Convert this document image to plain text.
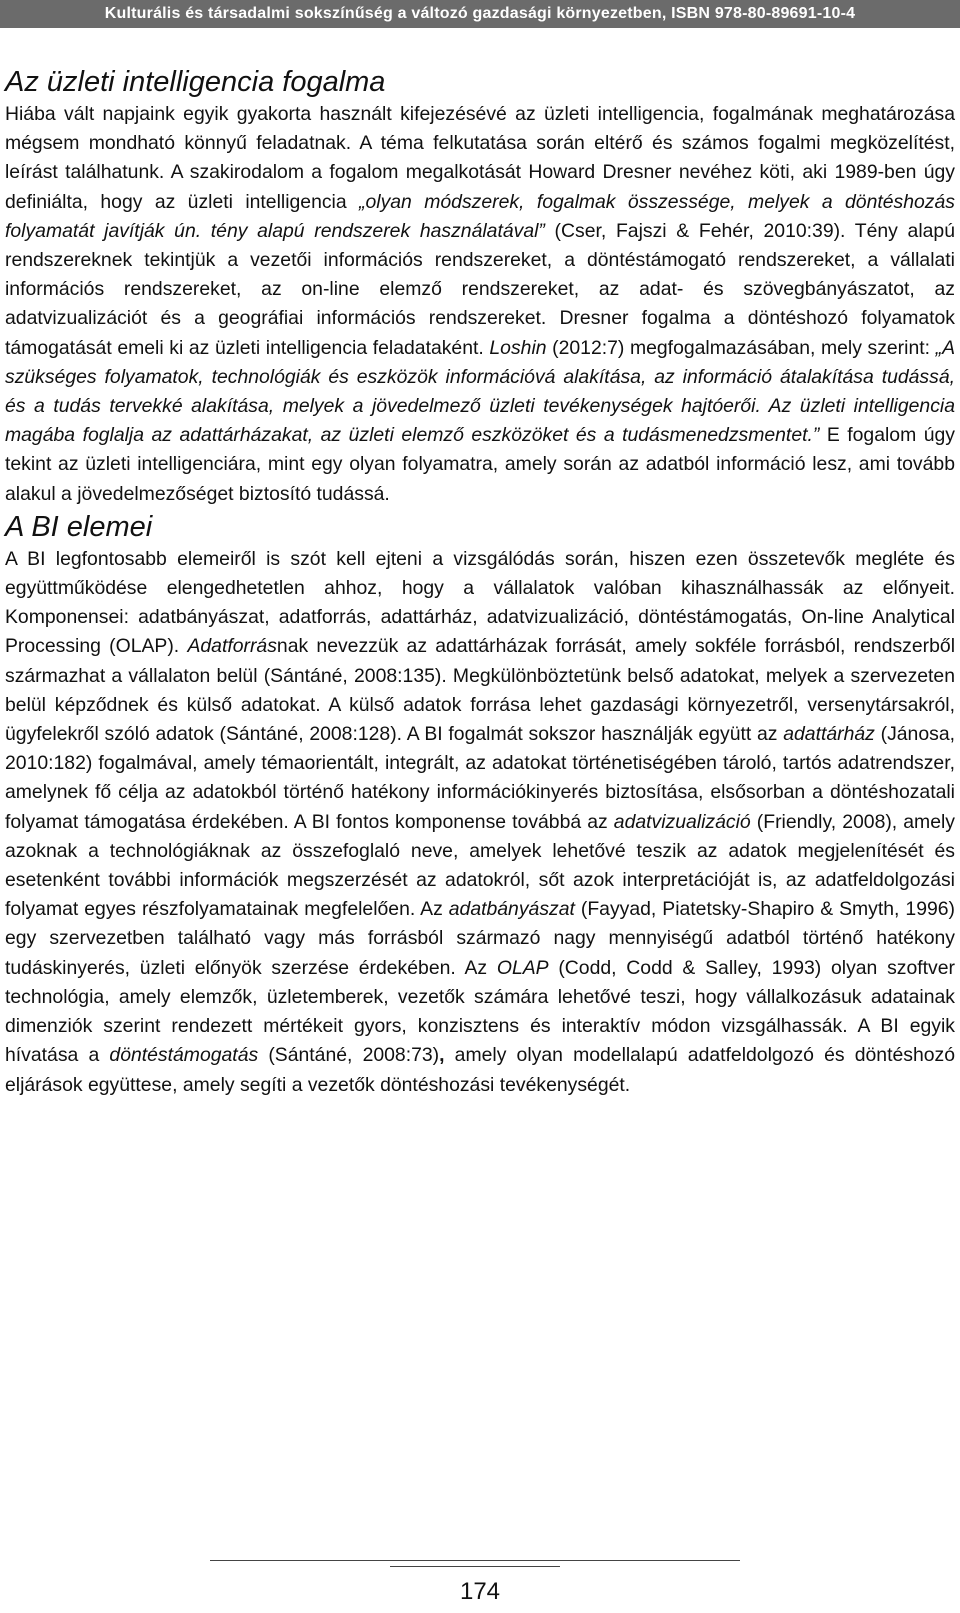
Kulturális és társadalmi sokszínűség a változó gazdasági környezetben, ISBN 978-80-89691-10-4
Az üzleti intelligencia fogalma

Hiába vált napjaink egyik gyakorta használt kifejezésévé az üzleti intelligencia, fogalmának meghatározása mégsem mondható könnyű feladatnak. A téma felkutatása során eltérő és számos fogalmi megközelítést, leírást találhatunk. A szakirodalom a fogalom megalkotását Howard Dresner nevéhez köti, aki 1989-ben úgy definiálta, hogy az üzleti intelligencia „olyan módszerek, fogalmak összessége, melyek a döntéshozás folyamatát javítják ún. tény alapú rendszerek használatával” (Cser, Fajszi & Fehér, 2010:39). Tény alapú rendszereknek tekintjük a vezetői információs rendszereket, a döntéstámogató rendszereket, a vállalati információs rendszereket, az on-line elemző rendszereket, az adat- és szövegbányászatot, az adatvizualizációt és a geográfiai információs rendszereket. Dresner fogalma a döntéshozó folyamatok támogatását emeli ki az üzleti intelligencia feladataként. Loshin (2012:7) megfogalmazásában, mely szerint: „A szükséges folyamatok, technológiák és eszközök információvá alakítása, az információ átalakítása tudássá, és a tudás tervekké alakítása, melyek a jövedelmező üzleti tevékenységek hajtóerői. Az üzleti intelligencia magába foglalja az adattárházakat, az üzleti elemző eszközöket és a tudásmenedzsmentet.” E fogalom úgy tekint az üzleti intelligenciára, mint egy olyan folyamatra, amely során az adatból információ lesz, ami tovább alakul a jövedelmezőséget biztosító tudássá.

A BI elemei

A BI legfontosabb elemeiről is szót kell ejteni a vizsgálódás során, hiszen ezen összetevők megléte és együttműködése elengedhetetlen ahhoz, hogy a vállalatok valóban kihasználhassák az előnyeit. Komponensei: adatbányászat, adatforrás, adattárház, adatvizualizáció, döntéstámogatás, On-line Analytical Processing (OLAP). Adatforrásnak nevezzük az adattárházak forrását, amely sokféle forrásból, rendszerből származhat a vállalaton belül (Sántáné, 2008:135). Megkülönböztetünk belső adatokat, melyek a szervezeten belül képződnek és külső adatokat. A külső adatok forrása lehet gazdasági környezetről, versenytársakról, ügyfelekről szóló adatok (Sántáné, 2008:128). A BI fogalmát sokszor használják együtt az adattárház (Jánosa, 2010:182) fogalmával, amely témaorientált, integrált, az adatokat történetiségében tároló, tartós adatrendszer, amelynek fő célja az adatokból történő hatékony információkinyerés biztosítása, elsősorban a döntéshozatali folyamat támogatása érdekében. A BI fontos komponense továbbá az adatvizualizáció (Friendly, 2008), amely azoknak a technológiáknak az összefoglaló neve, amelyek lehetővé teszik az adatok megjelenítését és esetenként további információk megszerzését az adatokról, sőt azok interpretációját is, az adatfeldolgozási folyamat egyes részfolyamatainak megfelelően. Az adatbányászat (Fayyad, Piatetsky-Shapiro & Smyth, 1996) egy szervezetben található vagy más forrásból származó nagy mennyiségű adatból történő hatékony tudáskinyerés, üzleti előnyök szerzése érdekében. Az OLAP (Codd, Codd & Salley, 1993) olyan szoftver technológia, amely elemzők, üzletemberek, vezetők számára lehetővé teszi, hogy vállalkozásuk adatainak dimenziók szerint rendezett mértékeit gyors, konzisztens és interaktív módon vizsgálhassák. A BI egyik hívatása a döntéstámogatás (Sántáné, 2008:73), amely olyan modellalapú adatfeldolgozó és döntéshozó eljárások együttese, amely segíti a vezetők döntéshozási tevékenységét.

174
